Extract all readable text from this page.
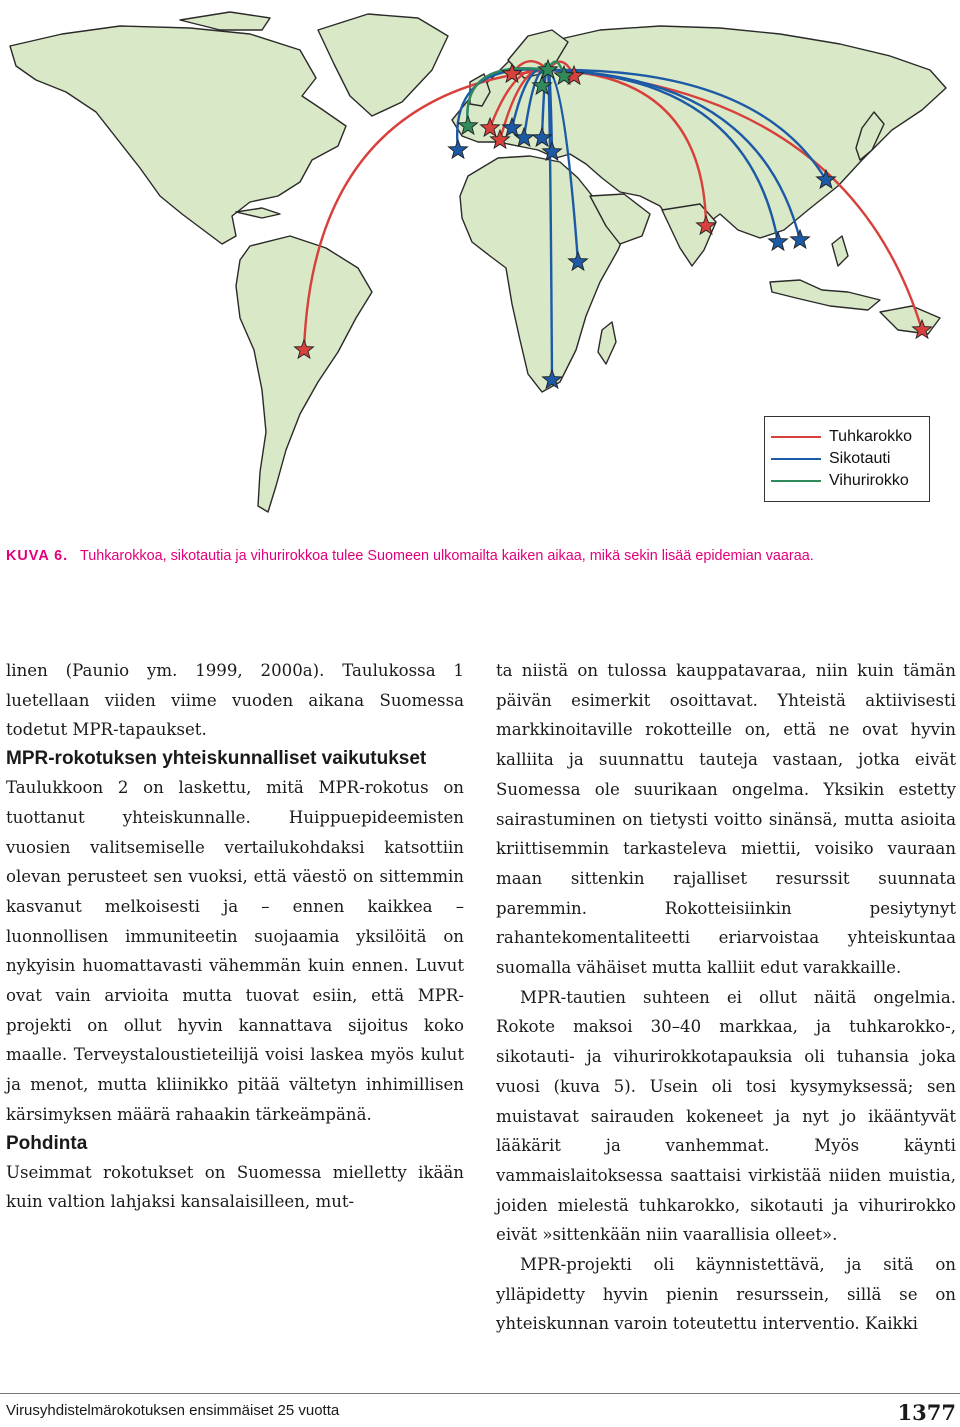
Tuhkarokko
Sikotauti
Vihurirokko
KUVA 6. Tuhkarokkoa, sikotautia ja vihurirokkoa tulee Suomeen ulkomailta kaiken aikaa, mikä sekin lisää epidemian vaaraa.

linen (Paunio ym. 1999, 2000a). Taulukossa 1 luetellaan viiden viime vuoden aikana Suomessa todetut MPR-tapaukset.

MPR-rokotuksen yhteiskunnalliset vaikutukset

Taulukkoon 2 on laskettu, mitä MPR-rokotus on tuottanut yhteiskunnalle. Huippuepideemisten vuosien valitsemiselle vertailukohdaksi katsottiin olevan perusteet sen vuoksi, että väestö on sittemmin kasvanut melkoisesti ja – ennen kaikkea – luonnollisen immuniteetin suojaamia yksilöitä on nykyisin huomattavasti vähemmän kuin ennen. Luvut ovat vain arvioita mutta tuovat esiin, että MPR-projekti on ollut hyvin kannattava sijoitus koko maalle. Terveystaloustieteilijä voisi laskea myös kulut ja menot, mutta kliinikko pitää vältetyn inhimillisen kärsimyksen määrä rahaakin tärkeämpänä.

Pohdinta

Useimmat rokotukset on Suomessa mielletty ikään kuin valtion lahjaksi kansalaisilleen, mut-

ta niistä on tulossa kauppatavaraa, niin kuin tämän päivän esimerkit osoittavat. Yhteistä aktiivisesti markkinoitaville rokotteille on, että ne ovat hyvin kalliita ja suunnattu tauteja vastaan, jotka eivät Suomessa ole suurikaan ongelma. Yksikin estetty sairastuminen on tietysti voitto sinänsä, mutta asioita kriittisemmin tarkasteleva miettii, voisiko vauraan maan sittenkin rajalliset resurssit suunnata paremmin. Rokotteisiinkin pesiytynyt rahantekomentaliteetti eriarvoistaa yhteiskuntaa suomalla vähäiset mutta kalliit edut varakkaille.

MPR-tautien suhteen ei ollut näitä ongelmia. Rokote maksoi 30–40 markkaa, ja tuhkarokko-, sikotauti- ja vihurirokkotapauksia oli tuhansia joka vuosi (kuva 5). Usein oli tosi kysymyksessä; sen muistavat sairauden kokeneet ja nyt jo ikääntyvät lääkärit ja vanhemmat. Myös käynti vammaislaitoksessa saattaisi virkistää niiden muistia, joiden mielestä tuhkarokko, sikotauti ja vihurirokko eivät »sittenkään niin vaarallisia olleet».

MPR-projekti oli käynnistettävä, ja sitä on ylläpidetty hyvin pienin resurssein, sillä se on yhteiskunnan varoin toteutettu interventio. Kaikki

Virusyhdistelmärokotuksen ensimmäiset 25 vuotta	1377
